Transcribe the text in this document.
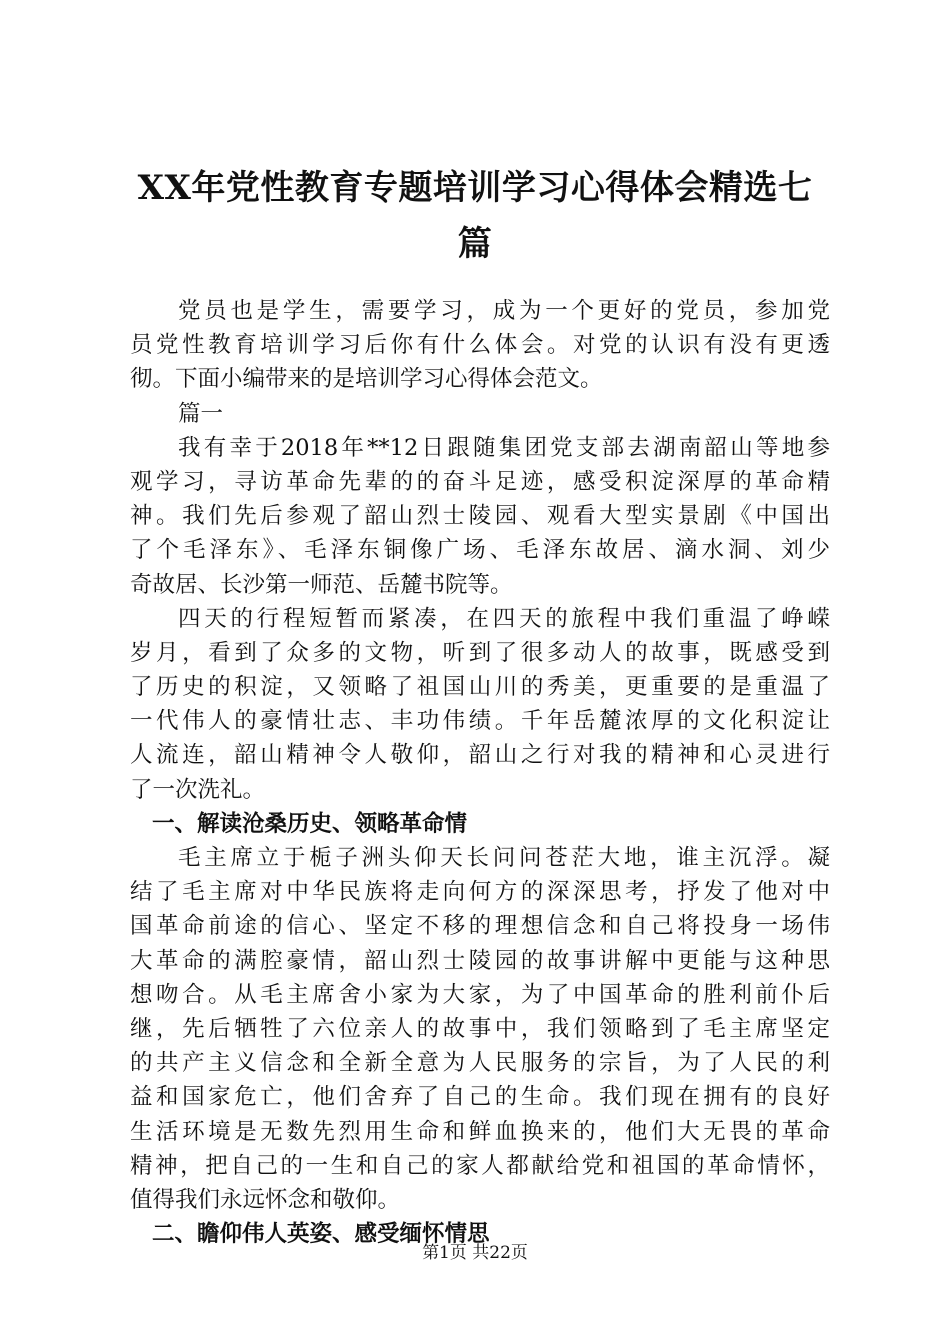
XX年党性教育专题培训学习心得体会精选七
篇
党员也是学生，需要学习，成为一个更好的党员，参加党
员党性教育培训学习后你有什么体会。对党的认识有没有更透
彻。下面小编带来的是培训学习心得体会范文。
篇一
我有幸于2018年**12日跟随集团党支部去湖南韶山等地参
观学习，寻访革命先辈的的奋斗足迹，感受积淀深厚的革命精
神。我们先后参观了韶山烈士陵园、观看大型实景剧《中国出
了个毛泽东》、毛泽东铜像广场、毛泽东故居、滴水洞、刘少
奇故居、长沙第一师范、岳麓书院等。
四天的行程短暂而紧凑，在四天的旅程中我们重温了峥嵘
岁月，看到了众多的文物，听到了很多动人的故事，既感受到
了历史的积淀，又领略了祖国山川的秀美，更重要的是重温了
一代伟人的豪情壮志、丰功伟绩。千年岳麓浓厚的文化积淀让
人流连，韶山精神令人敬仰，韶山之行对我的精神和心灵进行
了一次洗礼。
一、解读沧桑历史、领略革命情
毛主席立于栀子洲头仰天长问问苍茫大地，谁主沉浮。凝
结了毛主席对中华民族将走向何方的深深思考，抒发了他对中
国革命前途的信心、坚定不移的理想信念和自己将投身一场伟
大革命的满腔豪情，韶山烈士陵园的故事讲解中更能与这种思
想吻合。从毛主席舍小家为大家，为了中国革命的胜利前仆后
继，先后牺牲了六位亲人的故事中，我们领略到了毛主席坚定
的共产主义信念和全新全意为人民服务的宗旨，为了人民的利
益和国家危亡，他们舍弃了自己的生命。我们现在拥有的良好
生活环境是无数先烈用生命和鲜血换来的，他们大无畏的革命
精神，把自己的一生和自己的家人都献给党和祖国的革命情怀，
值得我们永远怀念和敬仰。
二、瞻仰伟人英姿、感受缅怀情思
第1页 共22页
